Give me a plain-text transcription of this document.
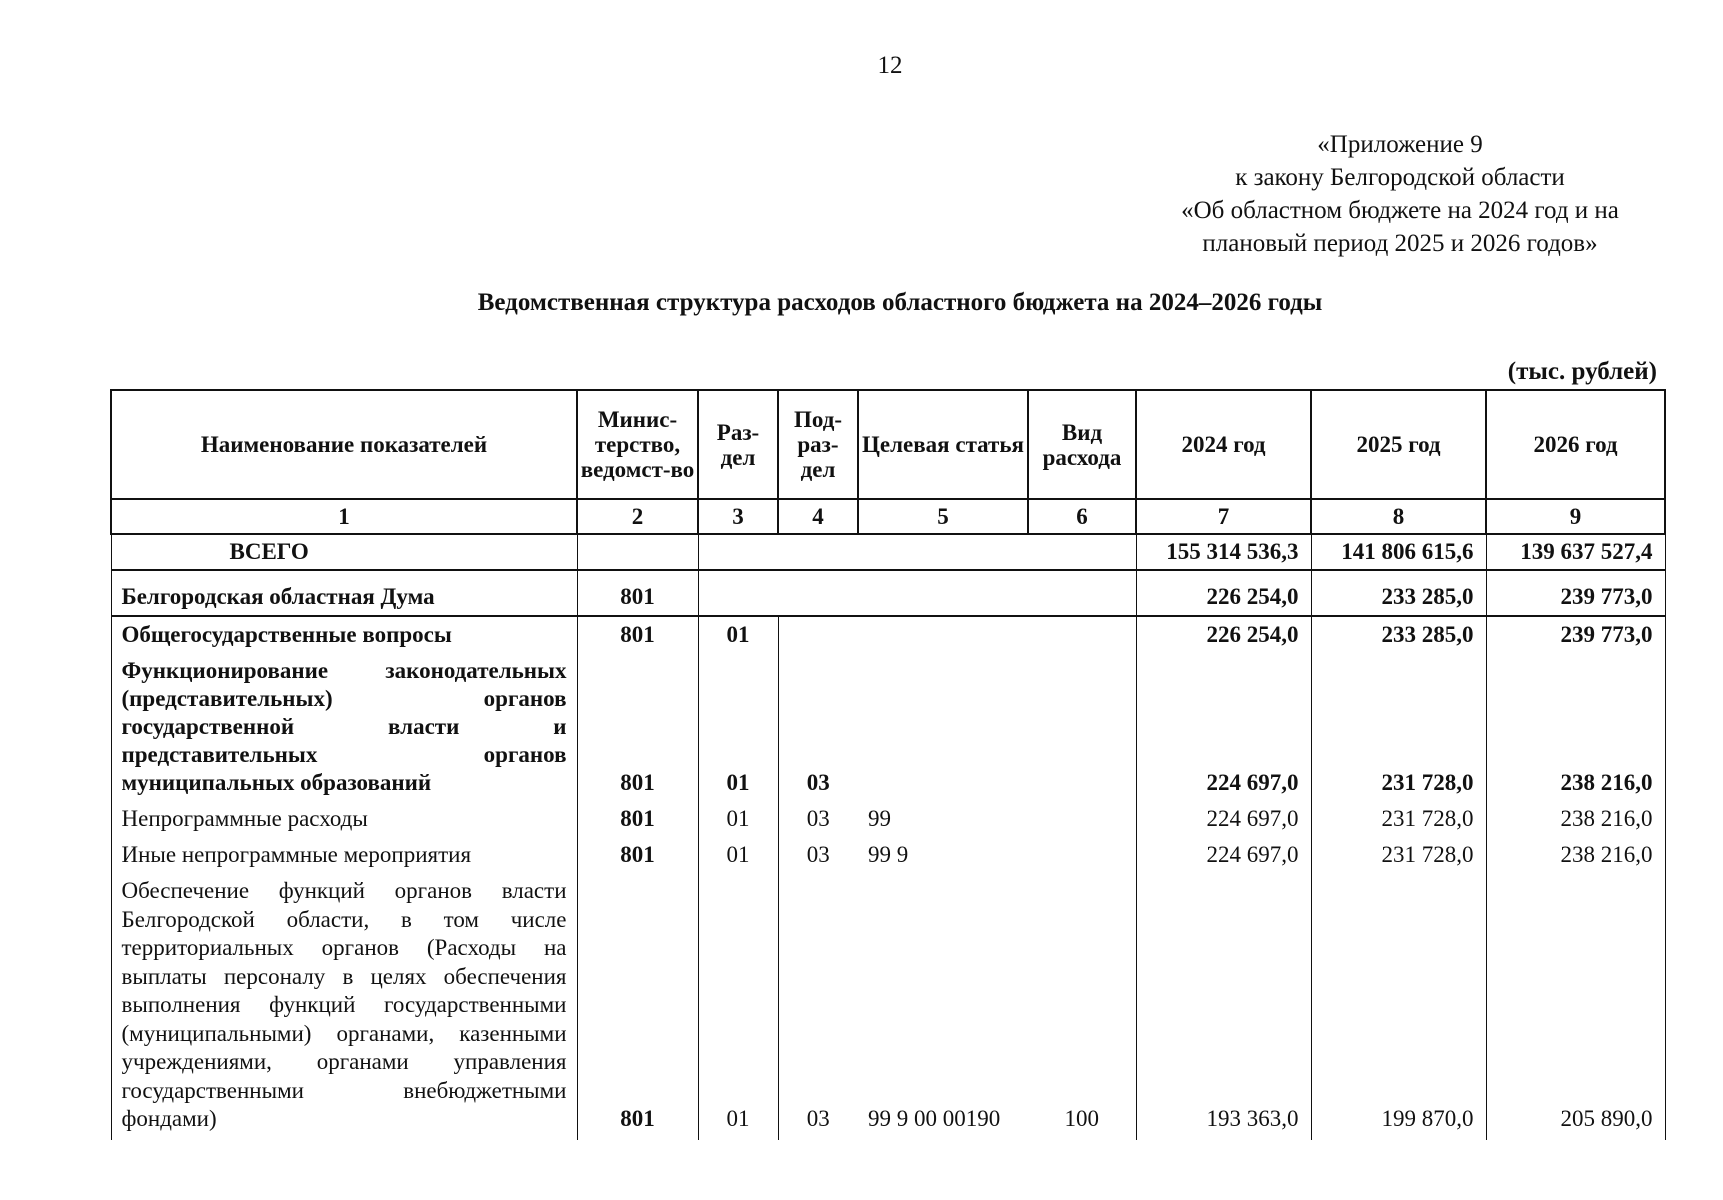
12
«Приложение 9
к закону Белгородской области
«Об областном бюджете на 2024 год и на
плановый период 2025 и 2026 годов»
Ведомственная структура расходов областного бюджета на 2024–2026 годы
(тыс. рублей)
Наименование показателей	Минис-терство, ведомст-во	Раз-дел	Под-раз-дел	Целевая статья	Вид расхода	2024 год	2025 год	2026 год
1	2	3	4	5	6	7	8	9
ВСЕГО						155 314 536,3	141 806 615,6	139 637 527,4
Белгородская областная Дума	801					226 254,0	233 285,0	239 773,0
Общегосударственные вопросы	801	01				226 254,0	233 285,0	239 773,0
Функционирование законодательных (представительных) органов государственной власти и представительных органов муниципальных образований	801	01	03			224 697,0	231 728,0	238 216,0
Непрограммные расходы	801	01	03	99		224 697,0	231 728,0	238 216,0
Иные непрограммные мероприятия	801	01	03	99 9		224 697,0	231 728,0	238 216,0
Обеспечение функций органов власти Белгородской области, в том числе территориальных органов (Расходы на выплаты персоналу в целях обеспечения выполнения функций государственными (муниципальными) органами, казенными учреждениями, органами управления государственными внебюджетными фондами)	801	01	03	99 9 00 00190	100	193 363,0	199 870,0	205 890,0
